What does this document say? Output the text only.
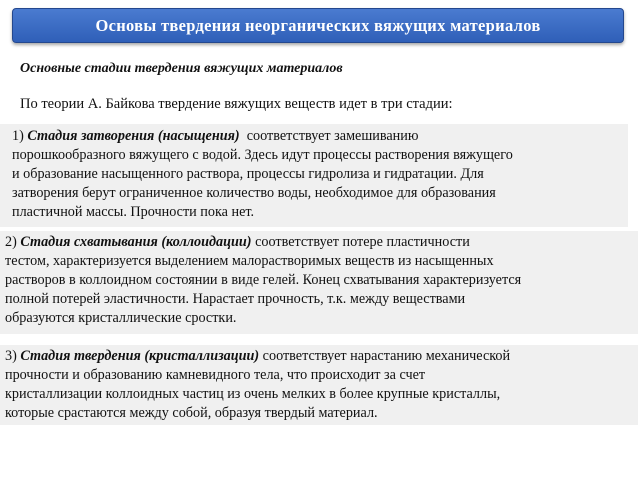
Основы твердения неорганических вяжущих материалов
Основные стадии твердения вяжущих материалов
По теории А. Байкова твердение вяжущих веществ идет в три стадии:
1) Стадия затворения (насыщения)  соответствует замешиванию
порошкообразного вяжущего с водой. Здесь идут процессы растворения вяжущего
и образование насыщенного раствора, процессы гидролиза и гидратации. Для
затворения берут ограниченное количество воды, необходимое для образования
пластичной массы. Прочности пока нет.
2) Стадия схватывания (коллоидации) соответствует потере пластичности
тестом, характеризуется выделением малорастворимых веществ из насыщенных
растворов в коллоидном состоянии в виде гелей. Конец схватывания характеризуется
полной потерей эластичности. Нарастает прочность, т.к. между веществами
образуются кристаллические сростки.
3) Стадия твердения (кристаллизации) соответствует нарастанию механической
прочности и образованию камневидного тела, что происходит за счет
кристаллизации коллоидных частиц из очень мелких в более крупные кристаллы,
которые срастаются между собой, образуя твердый материал.
